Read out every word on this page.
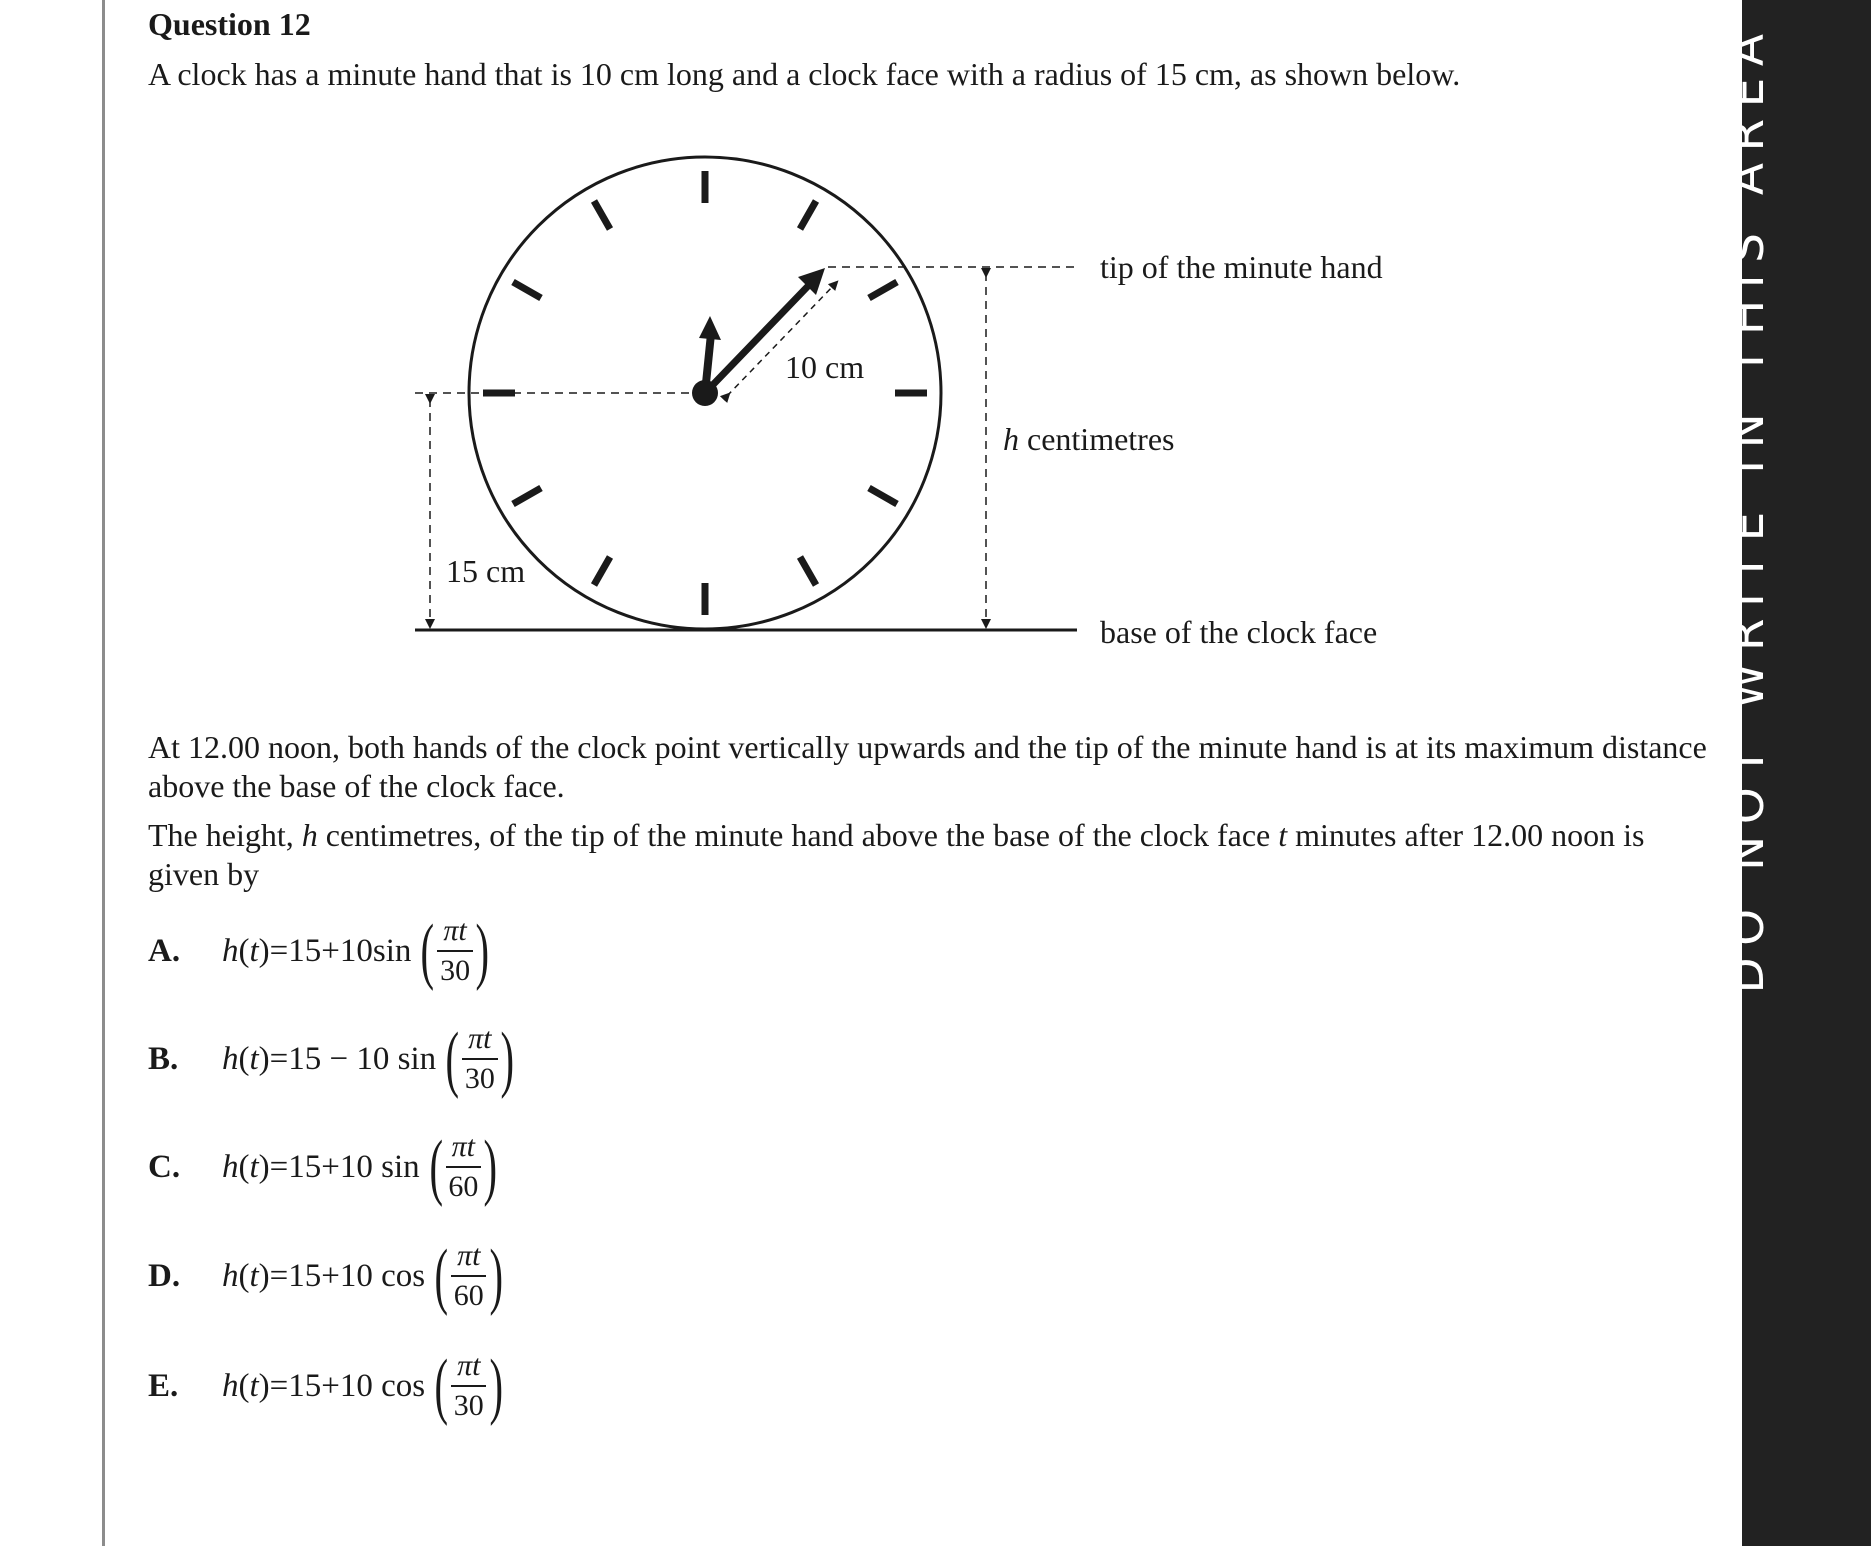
DO NOT WRITE IN THIS AREA
Question 12
A clock has a minute hand that is 10 cm long and a clock face with a radius of 15 cm, as shown below.
tip of the minute hand
h centimetres
10 cm
15 cm
base of the clock face
At 12.00 noon, both hands of the clock point vertically upwards and the tip of the minute hand is at its maximum distance above the base of the clock face.
The height, h centimetres, of the tip of the minute hand above the base of the clock face t minutes after 12.00 noon is given by
A.	h(t)=15+10sin ( $\frac{\pi t}{30}$ )
B.	h(t)=15 − 10 sin ( $\frac{\pi t}{30}$ )
C.	h(t)=15+10 sin ( $\frac{\pi t}{60}$ )
D.	h(t)=15+10 cos ( $\frac{\pi t}{60}$ )
E.	h(t)=15+10 cos ( $\frac{\pi t}{30}$ )
